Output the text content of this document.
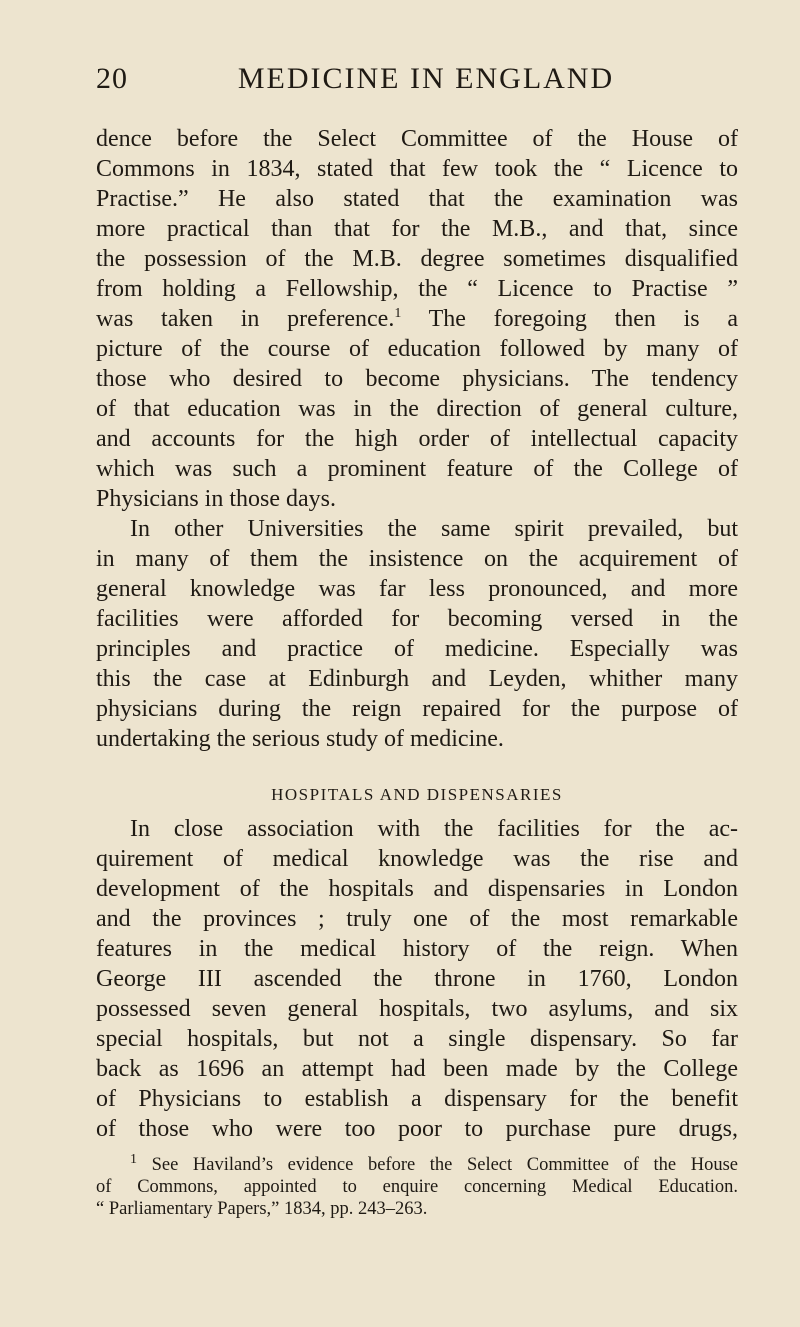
20	MEDICINE IN ENGLAND
dence before the Select Committee of the House of
Commons in 1834, stated that few took the “ Licence to
Practise.” He also stated that the examination was
more practical than that for the M.B., and that, since
the possession of the M.B. degree sometimes disqualified
from holding a Fellowship, the “ Licence to Practise ”
was taken in preference.$^1$ The foregoing then is a
picture of the course of education followed by many of
those who desired to become physicians. The tendency
of that education was in the direction of general culture,
and accounts for the high order of intellectual capacity
which was such a prominent feature of the College of
Physicians in those days.
In other Universities the same spirit prevailed, but
in many of them the insistence on the acquirement of
general knowledge was far less pronounced, and more
facilities were afforded for becoming versed in the
principles and practice of medicine. Especially was
this the case at Edinburgh and Leyden, whither many
physicians during the reign repaired for the purpose of
undertaking the serious study of medicine.
HOSPITALS AND DISPENSARIES
In close association with the facilities for the ac-
quirement of medical knowledge was the rise and
development of the hospitals and dispensaries in London
and the provinces ; truly one of the most remarkable
features in the medical history of the reign. When
George III ascended the throne in 1760, London
possessed seven general hospitals, two asylums, and six
special hospitals, but not a single dispensary. So far
back as 1696 an attempt had been made by the College
of Physicians to establish a dispensary for the benefit
of those who were too poor to purchase pure drugs,
$^1$ See Haviland’s evidence before the Select Committee of the House
of Commons, appointed to enquire concerning Medical Education.
“ Parliamentary Papers,” 1834, pp. 243–263.
